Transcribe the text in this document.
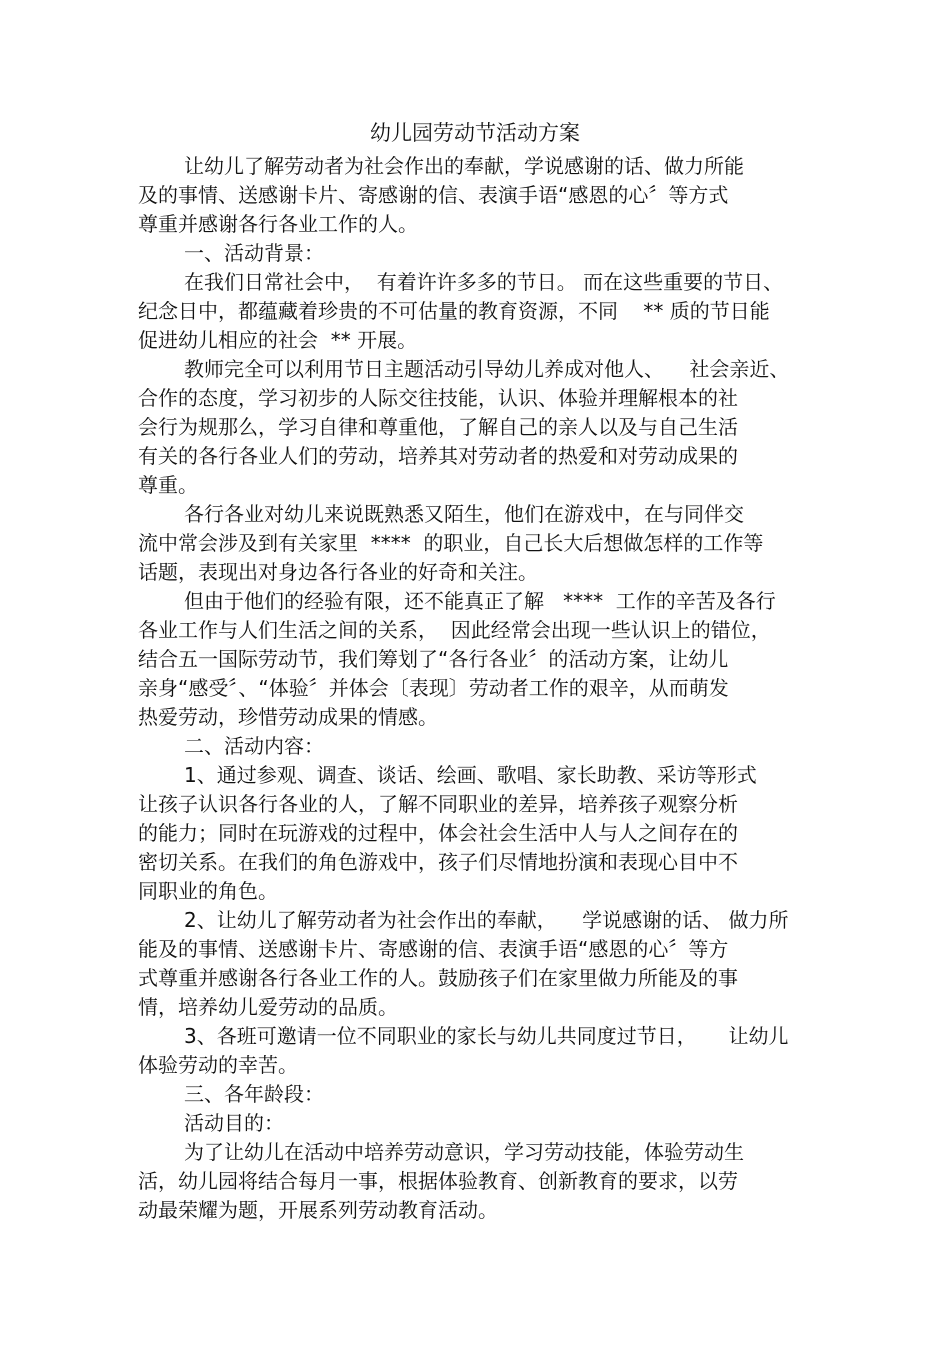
幼儿园劳动节活动方案
让幼儿了解劳动者为社会作出的奉献，学说感谢的话、做力所能
及的事情、送感谢卡片、寄感谢的信、表演手语“感恩的心〞等方式
尊重并感谢各行各业工作的人。
一、活动背景：
在我们日常社会中，  有着许许多多的节日。 而在这些重要的节日、
纪念日中，都蕴藏着珍贵的不可估量的教育资源，不同    ** 质的节日能
促进幼儿相应的社会  ** 开展。
教师完全可以利用节日主题活动引导幼儿养成对他人、    社会亲近、
合作的态度，学习初步的人际交往技能，认识、体验并理解根本的社
会行为规那么，学习自律和尊重他，了解自己的亲人以及与自己生活
有关的各行各业人们的劳动，培养其对劳动者的热爱和对劳动成果的
尊重。
各行各业对幼儿来说既熟悉又陌生，他们在游戏中，在与同伴交
流中常会涉及到有关家里  ****  的职业，自己长大后想做怎样的工作等
话题，表现出对身边各行各业的好奇和关注。
但由于他们的经验有限，还不能真正了解   ****  工作的辛苦及各行
各业工作与人们生活之间的关系，  因此经常会出现一些认识上的错位，
结合五一国际劳动节，我们筹划了“各行各业〞的活动方案，让幼儿
亲身“感受〞、“体验〞并体会〔表现〕劳动者工作的艰辛，从而萌发
热爱劳动，珍惜劳动成果的情感。
二、活动内容：
1、通过参观、调查、谈话、绘画、歌唱、家长助教、采访等形式
让孩子认识各行各业的人，了解不同职业的差异，培养孩子观察分析
的能力；同时在玩游戏的过程中，体会社会生活中人与人之间存在的
密切关系。在我们的角色游戏中，孩子们尽情地扮演和表现心目中不
同职业的角色。
2、让幼儿了解劳动者为社会作出的奉献，    学说感谢的话、 做力所
能及的事情、送感谢卡片、寄感谢的信、表演手语“感恩的心〞等方
式尊重并感谢各行各业工作的人。鼓励孩子们在家里做力所能及的事
情，培养幼儿爱劳动的品质。
3、各班可邀请一位不同职业的家长与幼儿共同度过节日，     让幼儿
体验劳动的幸苦。
三、各年龄段：
活动目的：
为了让幼儿在活动中培养劳动意识，学习劳动技能，体验劳动生
活，幼儿园将结合每月一事，根据体验教育、创新教育的要求，以劳
动最荣耀为题，开展系列劳动教育活动。
